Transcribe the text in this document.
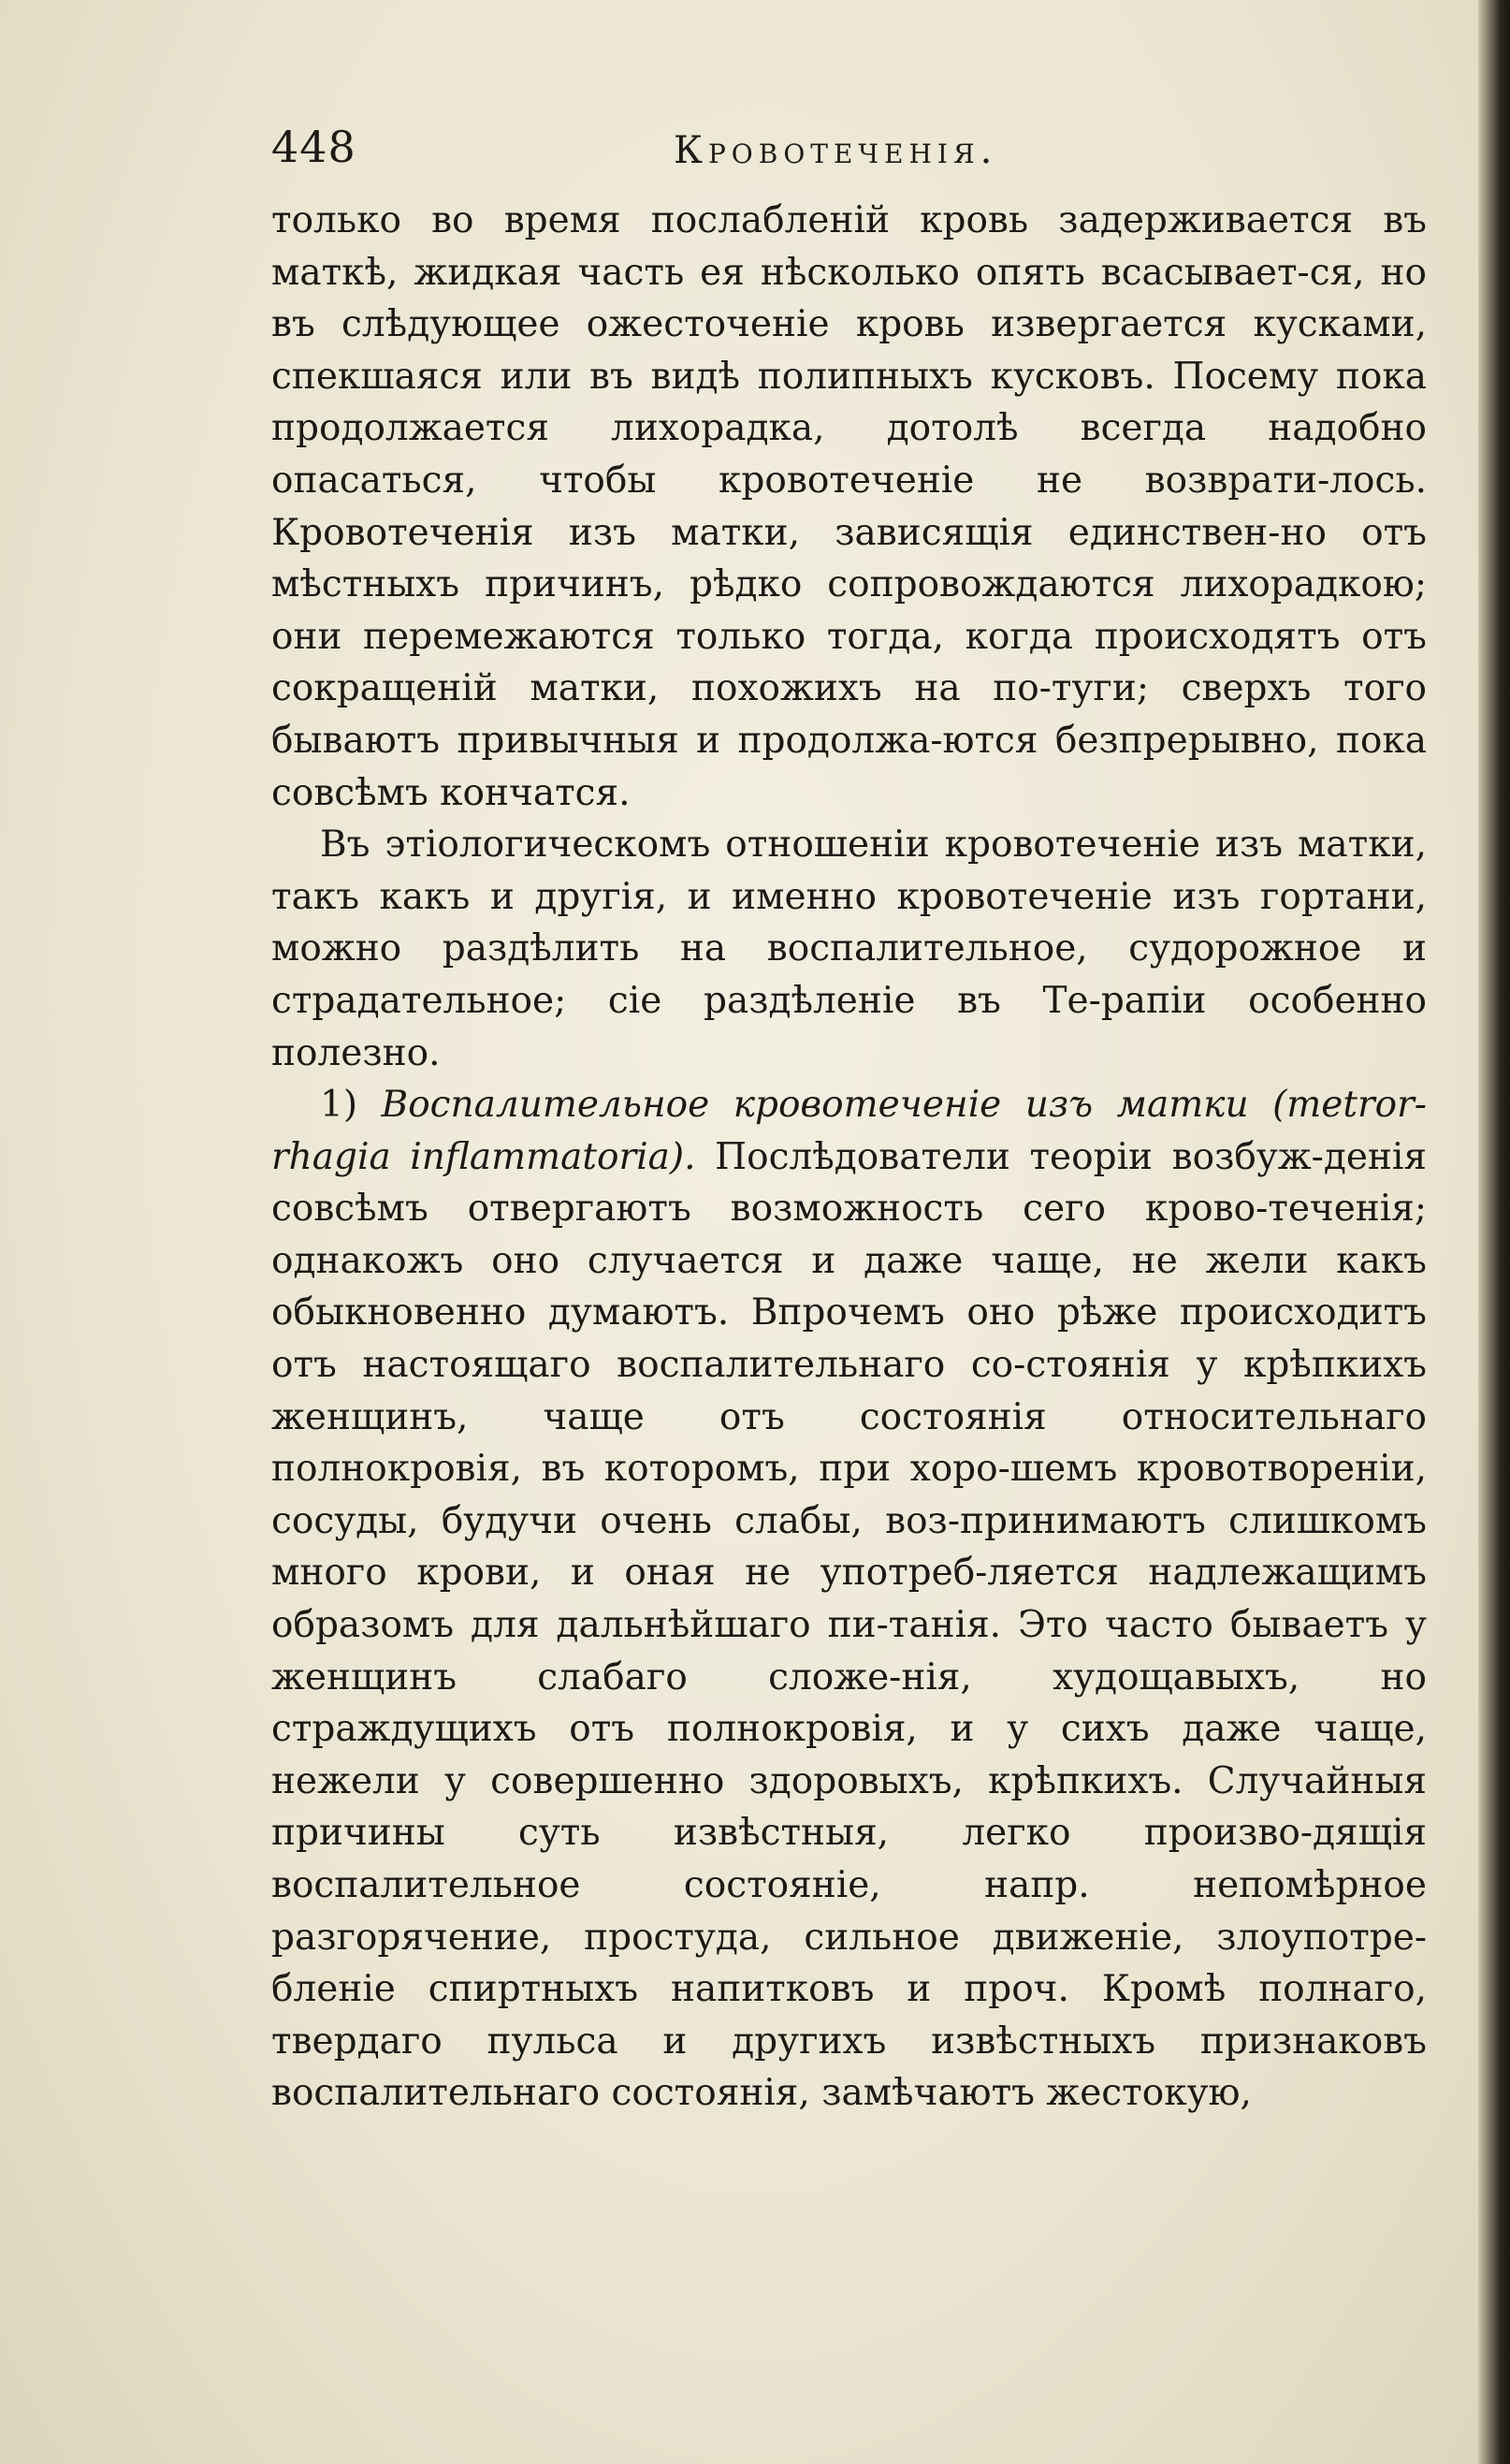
448	Кровотеченія.

только во время послабленій кровь задерживается въ маткѣ, жидкая часть ея нѣсколько опять всасывает-ся, но въ слѣдующее ожесточеніе кровь извергается кусками, спекшаяся или въ видѣ полипныхъ кусковъ. Посему пока продолжается лихорадка, дотолѣ всегда надобно опасаться, чтобы кровотеченіе не возврати-лось. Кровотеченія изъ матки, зависящія единствен-но отъ мѣстныхъ причинъ, рѣдко сопровождаются лихорадкою; они перемежаются только тогда, когда происходятъ отъ сокращеній матки, похожихъ на по-туги; сверхъ того бываютъ привычныя и продолжа-ются безпрерывно, пока совсѣмъ кончатся.

Въ этіологическомъ отношеніи кровотеченіе изъ матки, такъ какъ и другія, и именно кровотеченіе изъ гортани, можно раздѣлить на воспалительное, судорожное и страдательное; сіе раздѣленіе въ Те-рапіи особенно полезно.

1) Воспалительное кровотеченіе изъ матки (metror-rhagia inflammatoria). Послѣдователи теоріи возбуж-денія совсѣмъ отвергаютъ возможность сего крово-теченія; однакожъ оно случается и даже чаще, не жели какъ обыкновенно думаютъ. Впрочемъ оно рѣже происходитъ отъ настоящаго воспалительнаго со-стоянія у крѣпкихъ женщинъ, чаще отъ состоянія относительнаго полнокровія, въ которомъ, при хоро-шемъ кровотвореніи, сосуды, будучи очень слабы, воз-принимаютъ слишкомъ много крови, и оная не употреб-ляется надлежащимъ образомъ для дальнѣйшаго пи-танія. Это часто бываетъ у женщинъ слабаго сложе-нія, худощавыхъ, но страждущихъ отъ полнокровія, и у сихъ даже чаще, нежели у совершенно здоровыхъ, крѣпкихъ. Случайныя причины суть извѣстныя, легко произво-дящія воспалительное состояніе, напр. непомѣрное разгорячение, простуда, сильное движеніе, злоупотре-бленіе спиртныхъ напитковъ и проч. Кромѣ полнаго, твердаго пульса и другихъ извѣстныхъ признаковъ воспалительнаго состоянія, замѣчаютъ жестокую,
